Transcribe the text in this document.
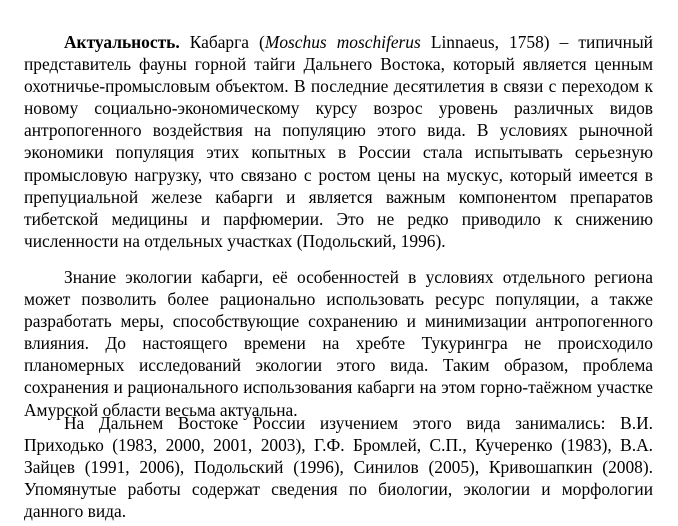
Актуальность. Кабарга (Moschus moschiferus Linnaeus, 1758) – типичный представитель фауны горной тайги Дальнего Востока, который является ценным охотничье-промысловым объектом. В последние десятилетия в связи с переходом к новому социально-экономическому курсу возрос уровень различных видов антропогенного воздействия на популяцию этого вида. В условиях рыночной экономики популяция этих копытных в России стала испытывать серьезную промысловую нагрузку, что связано с ростом цены на мускус, который имеется в препуциальной железе кабарги и является важным компонентом препаратов тибетской медицины и парфюмерии. Это не редко приводило к снижению численности на отдельных участках (Подольский, 1996).

Знание экологии кабарги, её особенностей в условиях отдельного региона может позволить более рационально использовать ресурс популяции, а также разработать меры, способствующие сохранению и минимизации антропогенного влияния. До настоящего времени на хребте Тукурингра не происходило планомерных исследований экологии этого вида. Таким образом, проблема сохранения и рационального использования кабарги на этом горно-таёжном участке Амурской области весьма актуальна.

На Дальнем Востоке России изучением этого вида занимались: В.И. Приходько (1983, 2000, 2001, 2003), Г.Ф. Бромлей, С.П., Кучеренко (1983), В.А. Зайцев (1991, 2006), Подольский (1996), Синилов (2005), Кривошапкин (2008). Упомянутые работы содержат сведения по биологии, экологии и морфологии данного вида.
